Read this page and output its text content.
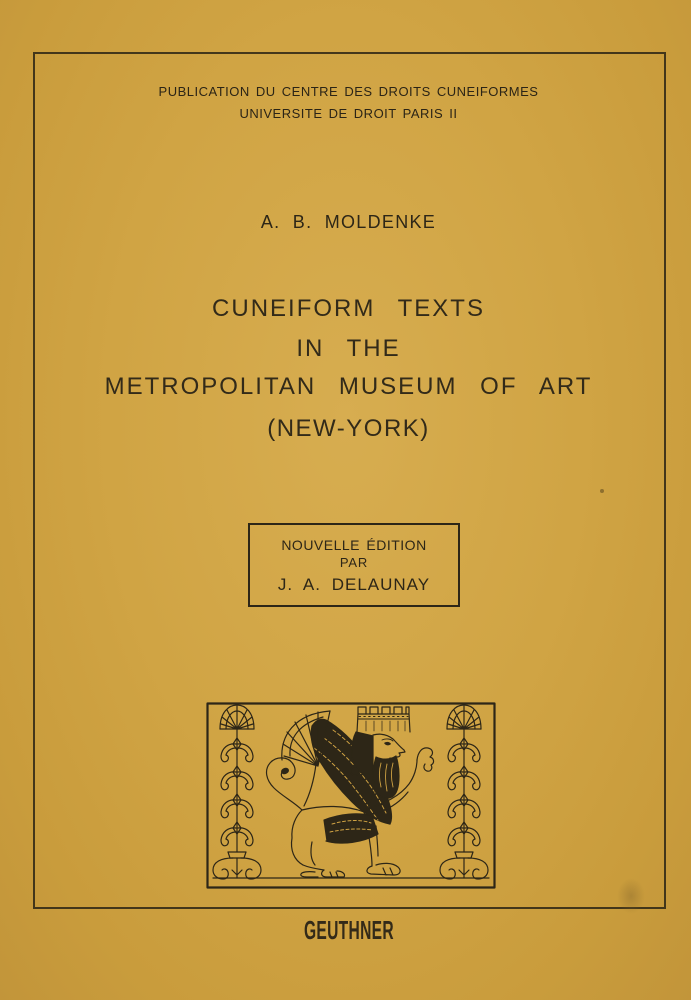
PUBLICATION DU CENTRE DES DROITS CUNEIFORMES
UNIVERSITE DE DROIT PARIS II
A. B. MOLDENKE
CUNEIFORM TEXTS
IN THE
METROPOLITAN MUSEUM OF ART
(NEW-YORK)
NOUVELLE ÉDITION
PAR
J. A. DELAUNAY
GEUTHNER
